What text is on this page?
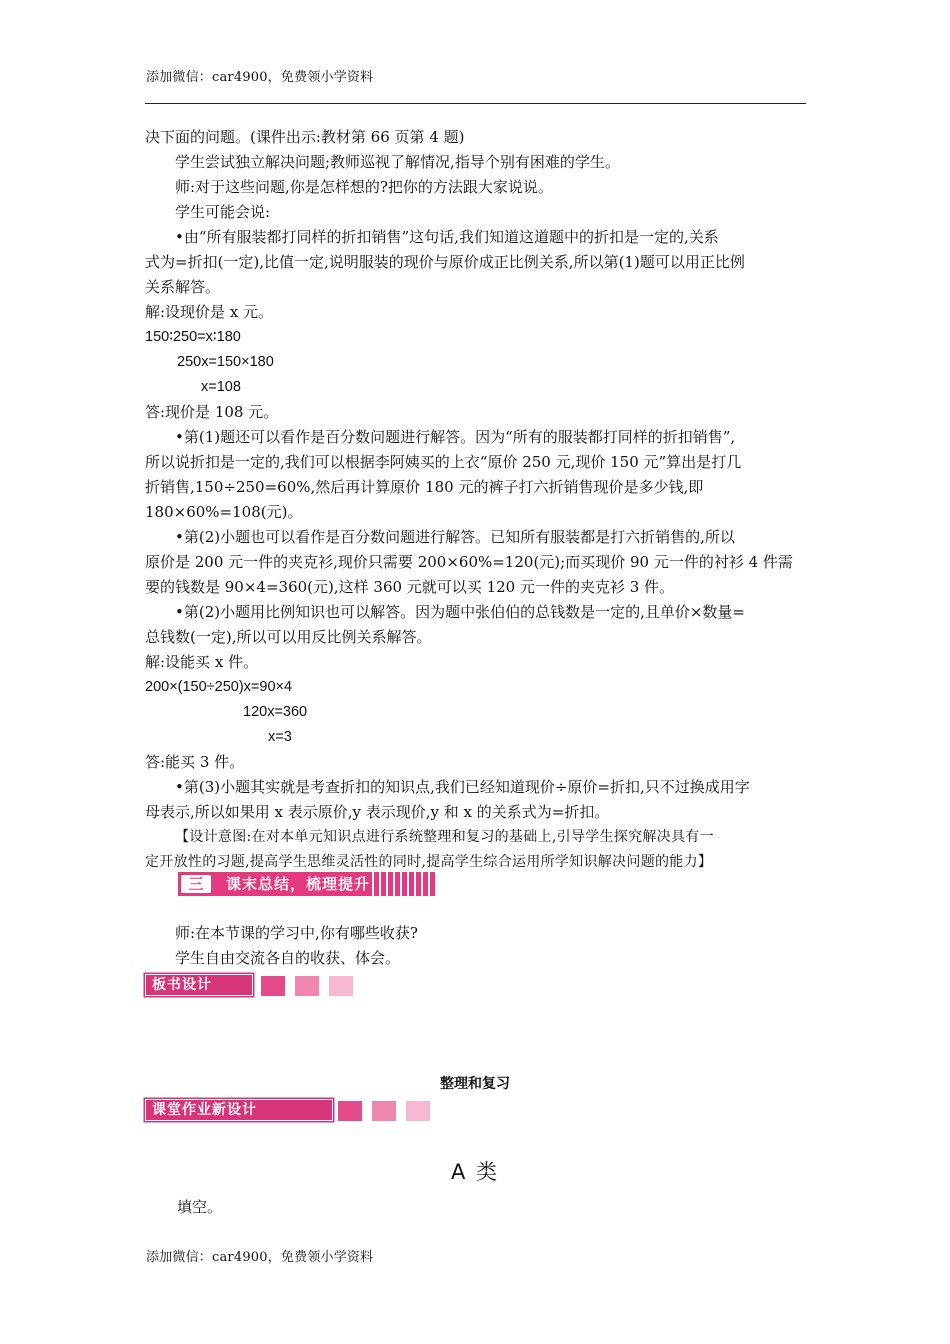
添加微信：car4900，免费领小学资料
决下面的问题。(课件出示:教材第 66 页第 4 题)
学生尝试独立解决问题;教师巡视了解情况,指导个别有困难的学生。
师:对于这些问题,你是怎样想的?把你的方法跟大家说说。
学生可能会说:
•由“所有服装都打同样的折扣销售”这句话,我们知道这道题中的折扣是一定的,关系
式为=折扣(一定),比值一定,说明服装的现价与原价成正比例关系,所以第(1)题可以用正比例
关系解答。
解:设现价是 x 元。
150∶250=x∶180
250x=150×180
x=108
答:现价是 108 元。
•第(1)题还可以看作是百分数问题进行解答。因为“所有的服装都打同样的折扣销售”,
所以说折扣是一定的,我们可以根据李阿姨买的上衣“原价 250 元,现价 150 元”算出是打几
折销售,150÷250=60%,然后再计算原价 180 元的裤子打六折销售现价是多少钱,即
180×60%=108(元)。
•第(2)小题也可以看作是百分数问题进行解答。已知所有服装都是打六折销售的,所以
原价是 200 元一件的夹克衫,现价只需要 200×60%=120(元);而买现价 90 元一件的衬衫 4 件需
要的钱数是 90×4=360(元),这样 360 元就可以买 120 元一件的夹克衫 3 件。
•第(2)小题用比例知识也可以解答。因为题中张伯伯的总钱数是一定的,且单价×数量=
总钱数(一定),所以可以用反比例关系解答。
解:设能买 x 件。
200×(150÷250)x=90×4
120x=360
x=3
答:能买 3 件。
•第(3)小题其实就是考查折扣的知识点,我们已经知道现价÷原价=折扣,只不过换成用字
母表示,所以如果用 x 表示原价,y 表示现价,y 和 x 的关系式为=折扣。
【设计意图:在对本单元知识点进行系统整理和复习的基础上,引导学生探究解决具有一
定开放性的习题,提高学生思维灵活性的同时,提高学生综合运用所学知识解决问题的能力】
三	课末总结，梳理提升
师:在本节课的学习中,你有哪些收获?
学生自由交流各自的收获、体会。
板书设计
整理和复习
课堂作业新设计
A 类
填空。
添加微信：car4900，免费领小学资料
